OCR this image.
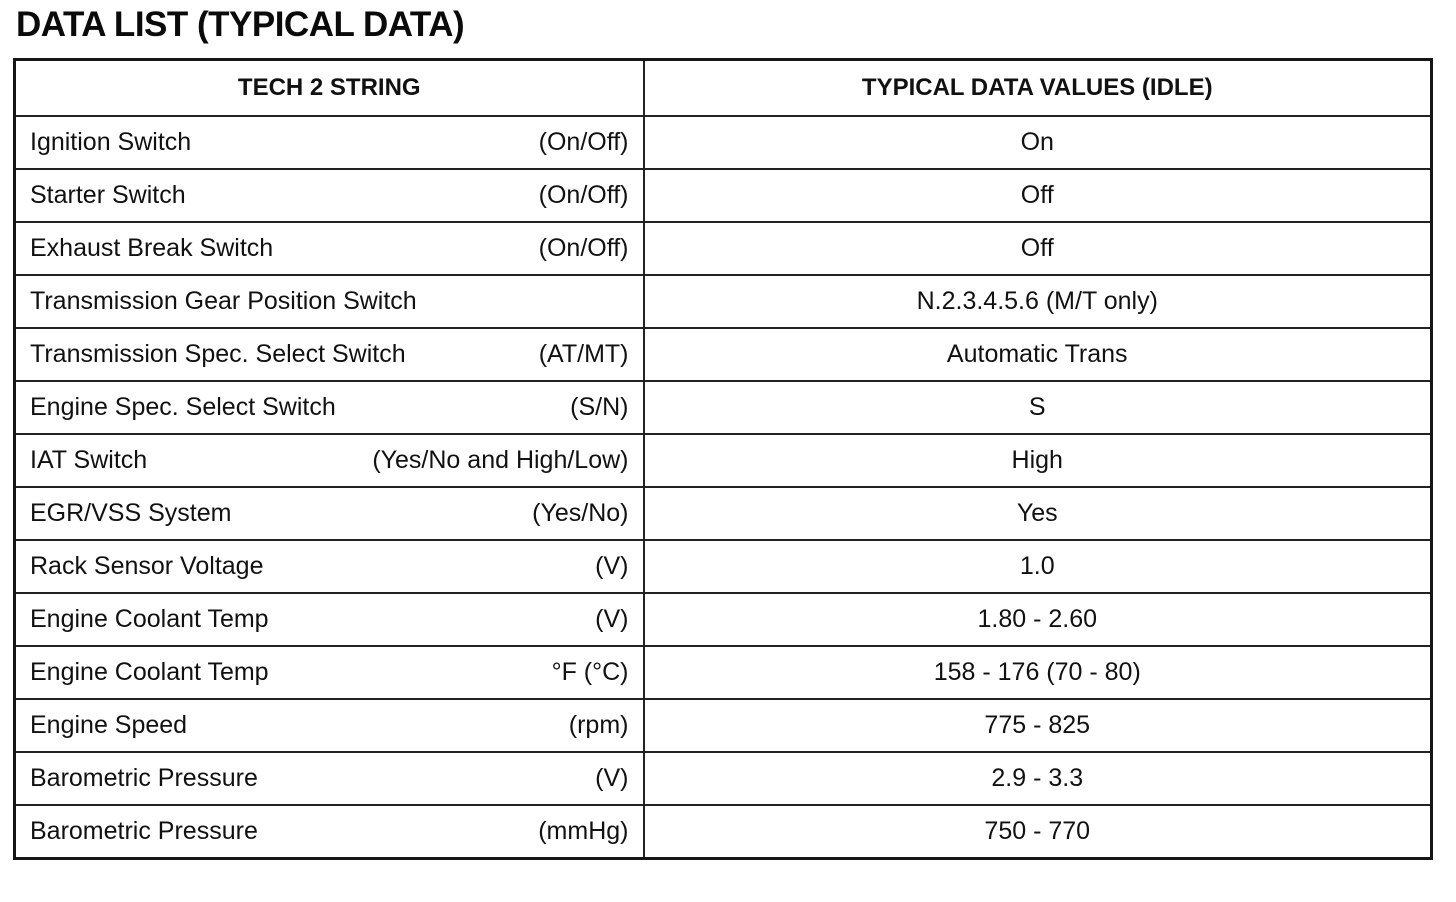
DATA LIST (TYPICAL DATA)
TECH 2 STRING	TYPICAL DATA VALUES (IDLE)

Ignition Switch (On/Off)	On

Starter Switch (On/Off)	Off

Exhaust Break Switch (On/Off)	Off

Transmission Gear Position Switch	N.2.3.4.5.6 (M/T only)

Transmission Spec. Select Switch (AT/MT)	Automatic Trans

Engine Spec. Select Switch (S/N)	S

IAT Switch (Yes/No and High/Low)	High

EGR/VSS System (Yes/No)	Yes

Rack Sensor Voltage (V)	1.0

Engine Coolant Temp (V)	1.80 - 2.60

Engine Coolant Temp °F (°C)	158 - 176 (70 - 80)

Engine Speed (rpm)	775 - 825

Barometric Pressure (V)	2.9 - 3.3

Barometric Pressure (mmHg)	750 - 770
